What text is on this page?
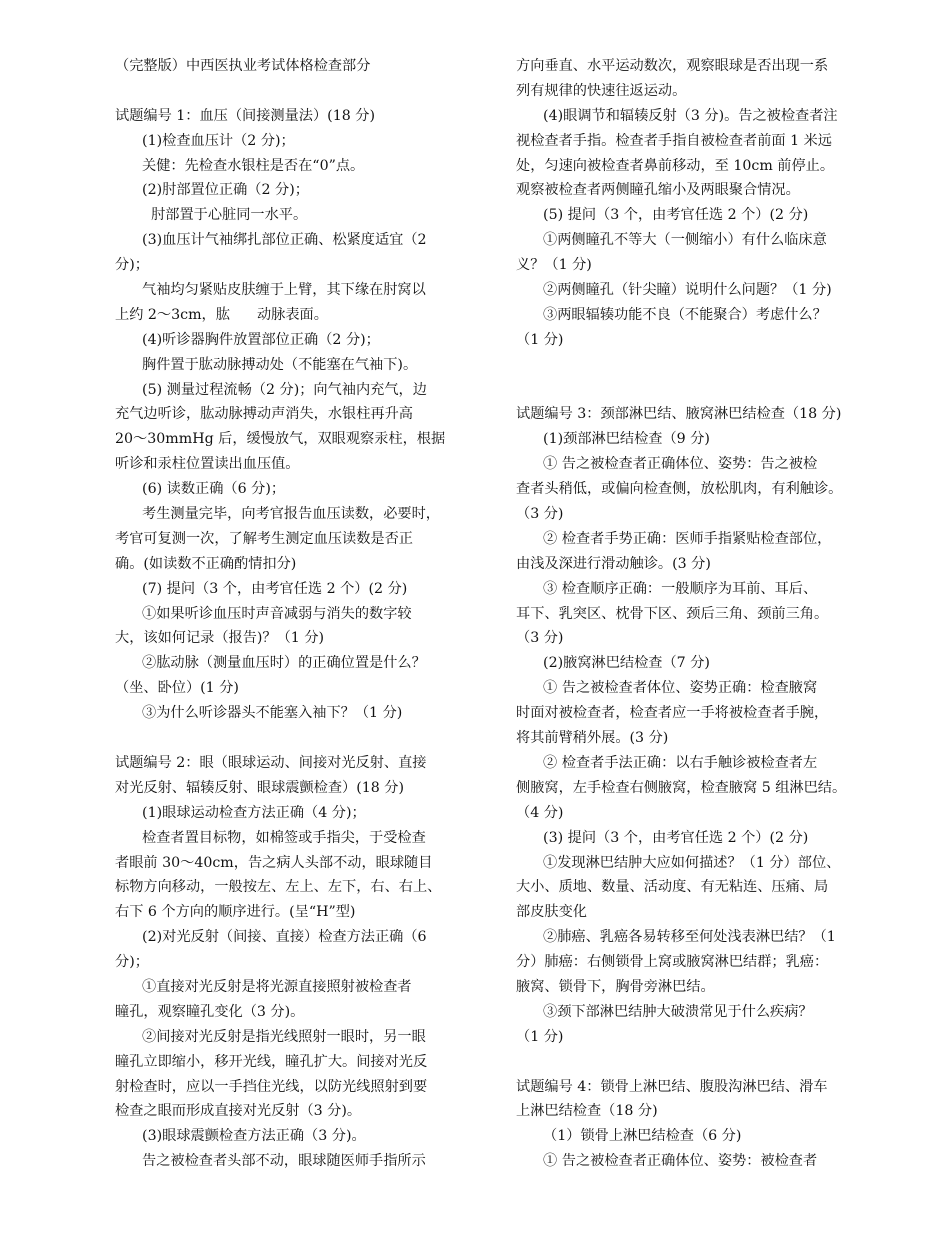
（完整版）中西医执业考试体格检查部分
试题编号 1：血压（间接测量法）(18 分)
(1)检查血压计（2 分)；
关健：先检查水银柱是否在“0”点。
(2)肘部置位正确（2 分)；
肘部置于心脏同一水平。
(3)血压计气袖绑扎部位正确、松紧度适宜（2
分)；
气袖均匀紧贴皮肤缠于上臂，其下缘在肘窝以
上约 2～3cm，肱      动脉表面。
(4)听诊器胸件放置部位正确（2 分)；
胸件置于肱动脉搏动处（不能塞在气袖下)。
(5) 测量过程流畅（2 分)；向气袖内充气，边
充气边听诊，肱动脉搏动声消失，水银柱再升高
20～30mmHg 后，缓慢放气，双眼观察汞柱，根据
听诊和汞柱位置读出血压值。
(6) 读数正确（6 分)；
考生测量完毕，向考官报告血压读数，必要时，
考官可复测一次，了解考生测定血压读数是否正
确。(如读数不正确酌情扣分)
(7) 提问（3 个，由考官任选 2 个）(2 分)
①如果听诊血压时声音减弱与消失的数字较
大，该如何记录（报告)？（1 分)
②肱动脉（测量血压时）的正确位置是什么？
（坐、卧位）(1 分)
③为什么听诊器头不能塞入袖下？（1 分)
试题编号 2：眼（眼球运动、间接对光反射、直接
对光反射、辐辏反射、眼球震颤检查）(18 分)
(1)眼球运动检查方法正确（4 分)；
检查者置目标物，如棉签或手指尖，于受检查
者眼前 30～40cm，告之病人头部不动，眼球随目
标物方向移动，一般按左、左上、左下，右、右上、
右下 6 个方向的顺序进行。(呈“H”型)
(2)对光反射（间接、直接）检查方法正确（6
分)；
①直接对光反射是将光源直接照射被检查者
瞳孔，观察瞳孔变化（3 分)。
②间接对光反射是指光线照射一眼时，另一眼
瞳孔立即缩小，移开光线，瞳孔扩大。间接对光反
射检查时，应以一手挡住光线，以防光线照射到要
检查之眼而形成直接对光反射（3 分)。
(3)眼球震颤检查方法正确（3 分)。
告之被检查者头部不动，眼球随医师手指所示
方向垂直、水平运动数次，观察眼球是否出现一系
列有规律的快速往返运动。
(4)眼调节和辐辏反射（3 分)。告之被检查者注
视检查者手指。检查者手指自被检查者前面 1 米远
处，匀速向被检查者鼻前移动，至 10cm 前停止。
观察被检查者两侧瞳孔缩小及两眼聚合情况。
(5) 提问（3 个，由考官任选 2 个）(2 分)
①两侧瞳孔不等大（一侧缩小）有什么临床意
义？（1 分)
②两侧瞳孔（针尖瞳）说明什么问题？（1 分)
③两眼辐辏功能不良（不能聚合）考虑什么？
（1 分)
试题编号 3：颈部淋巴结、腋窝淋巴结检查（18 分)
(1)颈部淋巴结检查（9 分)
① 告之被检查者正确体位、姿势：告之被检
查者头稍低，或偏向检查侧，放松肌肉，有利触诊。
（3 分)
② 检查者手势正确：医师手指紧贴检查部位，
由浅及深进行滑动触诊。(3 分)
③ 检查顺序正确：一般顺序为耳前、耳后、
耳下、乳突区、枕骨下区、颈后三角、颈前三角。
（3 分)
(2)腋窝淋巴结检查（7 分)
① 告之被检查者体位、姿势正确：检查腋窝
时面对被检查者，检查者应一手将被检查者手腕，
将其前臂稍外展。(3 分)
② 检查者手法正确：以右手触诊被检查者左
侧腋窝，左手检查右侧腋窝，检查腋窝 5 组淋巴结。
（4 分)
(3) 提问（3 个，由考官任选 2 个）(2 分)
①发现淋巴结肿大应如何描述？（1 分）部位、
大小、质地、数量、活动度、有无粘连、压痛、局
部皮肤变化
②肺癌、乳癌各易转移至何处浅表淋巴结？（1
分）肺癌：右侧锁骨上窝或腋窝淋巴结群；乳癌：
腋窝、锁骨下，胸骨旁淋巴结。
③颈下部淋巴结肿大破溃常见于什么疾病？
（1 分)
试题编号 4：锁骨上淋巴结、腹股沟淋巴结、滑车
上淋巴结检查（18 分)
（1）锁骨上淋巴结检查（6 分)
① 告之被检查者正确体位、姿势：被检查者
